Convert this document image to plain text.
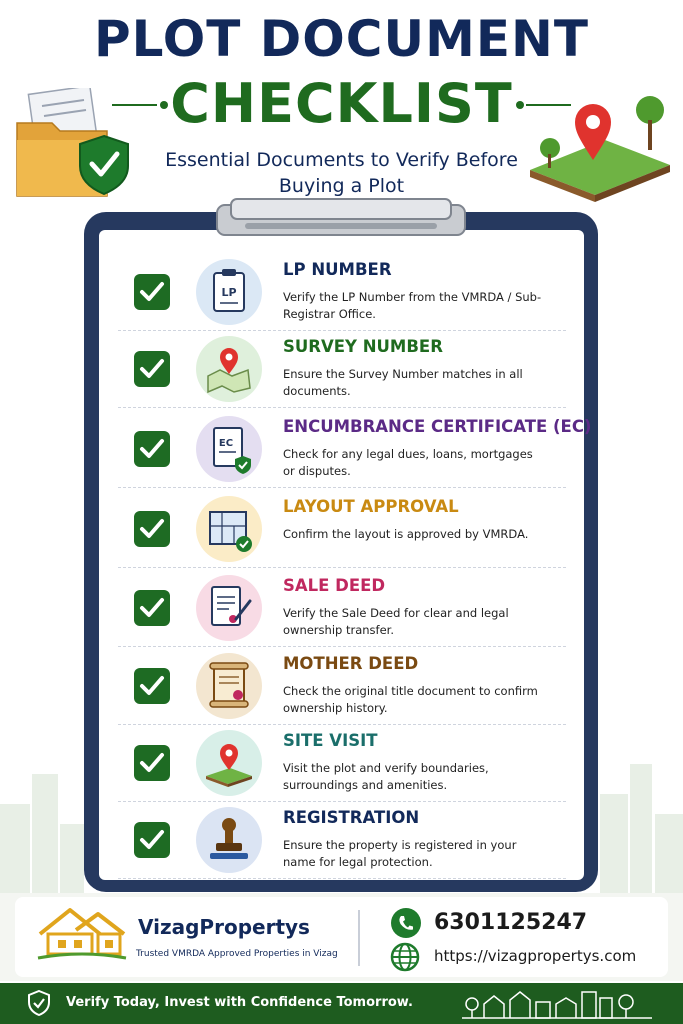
PLOT DOCUMENT
CHECKLIST
Essential Documents to Verify Before Buying a Plot
LP
LP NUMBER
Verify the LP Number from the VMRDA / Sub-Registrar Office.
SURVEY NUMBER
Ensure the Survey Number matches in all documents.
EC
ENCUMBRANCE CERTIFICATE (EC)
Check for any legal dues, loans, mortgages or disputes.
LAYOUT APPROVAL
Confirm the layout is approved by VMRDA.
SALE DEED
Verify the Sale Deed for clear and legal ownership transfer.
MOTHER DEED
Check the original title document to confirm ownership history.
SITE VISIT
Visit the plot and verify boundaries, surroundings and amenities.
REGISTRATION
Ensure the property is registered in your name for legal protection.
VizagPropertys
Trusted VMRDA Approved Properties in Vizag
6301125247
https://vizagpropertys.com
Verify Today, Invest with Confidence Tomorrow.
